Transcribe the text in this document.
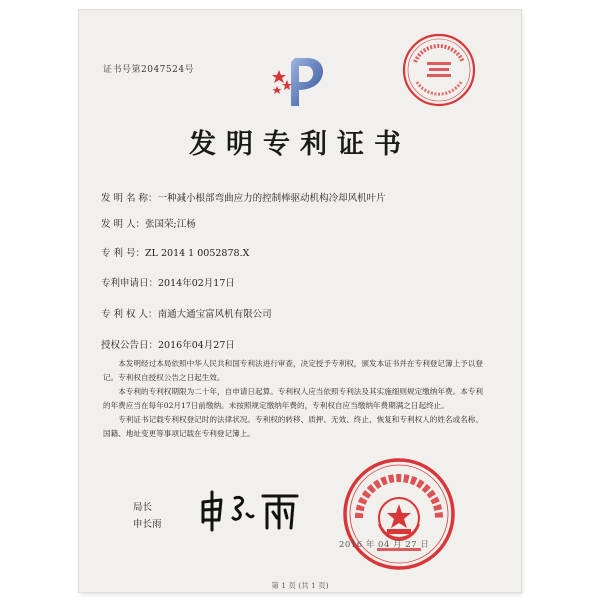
证书号第2047524号
发明专利证书
发 明 名 称：一种减小根部弯曲应力的控制棒驱动机构冷却风机叶片
发 明 人：张国荣;江杨
专 利 号：ZL 2014 1 0052878.X
专利申请日：2014年02月17日
专 利 权 人：南通大通宝富风机有限公司
授权公告日：2016年04月27日

本发明经过本局依照中华人民共和国专利法进行审查，决定授予专利权，颁发本证书并在专利登记簿上予以登记。专利权自授权公告之日起生效。

本专利的专利权期限为二十年，自申请日起算。专利权人应当依照专利法及其实施细则规定缴纳年费。本专利的年费应当在每年02月17日前缴纳。未按照规定缴纳年费的，专利权自应当缴纳年费期满之日起终止。

专利证书记载专利权登记时的法律状况。专利权的转移、质押、无效、终止、恢复和专利权人的姓名或名称、国籍、地址变更等事项记载在专利登记簿上。

局长
申长雨
2016 年 04 月 27 日
第 1 页 (共 1 页)
